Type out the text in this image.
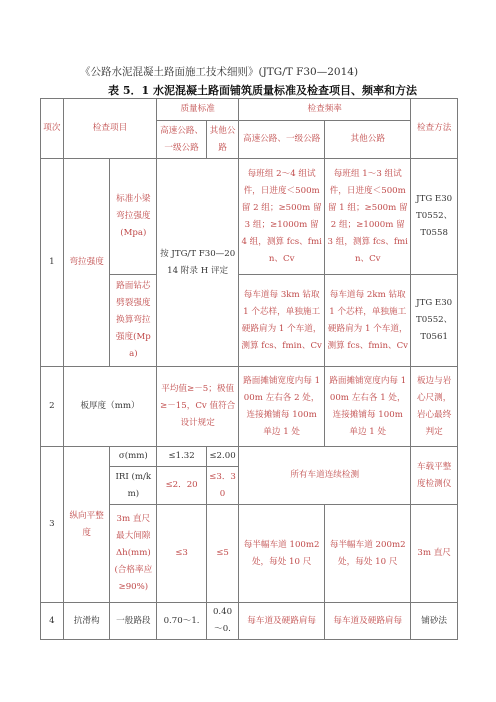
《公路水泥混凝土路面施工技术细则》(JTG/T F30—2014)
表 5．1 水泥混凝土路面铺筑质量标准及检查项目、频率和方法
项次	检查项目		质量标准		检查频率		检查方法
			高速公路、一级公路	其他公路	高速公路、一级公路	其他公路	
1	弯拉强度	标准小梁弯拉强度(Mpa)	按 JTG/T F30—2014 附录 H 评定		每班组 2～4 组试件，日进度＜500m 留 2 组；≥500m 留 3 组；≥1000m 留 4 组，测算 fcs、fmin、Cv	每班组 1～3 组试件，日进度＜500m 留 1 组；≥500m 留 2 组；≥1000m 留 3 组，测算 fcs、fmin、Cv	JTG E30 T0552、T0558
		路面钻芯劈裂强度换算弯拉强度(Mpa)			每车道每 3km 钻取 1 个芯样，单独施工硬路肩为 1 个车道，测算 fcs、fmin、Cv	每车道每 2km 钻取 1 个芯样，单独施工硬路肩为 1 个车道，测算 fcs、fmin、Cv	JTG E30 T0552、T0561
2	板厚度（mm）		平均值≥－5；极值≥－15，Cv 值符合设计规定		路面摊铺宽度内每 100m 左右各 2 处，连接摊铺每 100m 单边 1 处	路面摊铺宽度内每 100m 左右各 1 处，连接摊铺每 100m 单边 1 处	板边与岩心尺测，岩心最终判定
3	纵向平整度	σ(mm)	≤1.32	≤2.00	所有车道连续检测		车载平整度检测仪
		IRI (m/km)	≤2．20	≤3．30			
		3m 直尺最大间隙 Δh(mm)(合格率应≥90%)	≤3	≤5	每半幅车道 100m2 处，每处 10 尺	每半幅车道 200m2 处，每处 10 尺	3m 直尺
4	抗滑构	一般路段	0.70～1.	0.40～0.	每车道及硬路肩每	每车道及硬路肩每	铺砂法
